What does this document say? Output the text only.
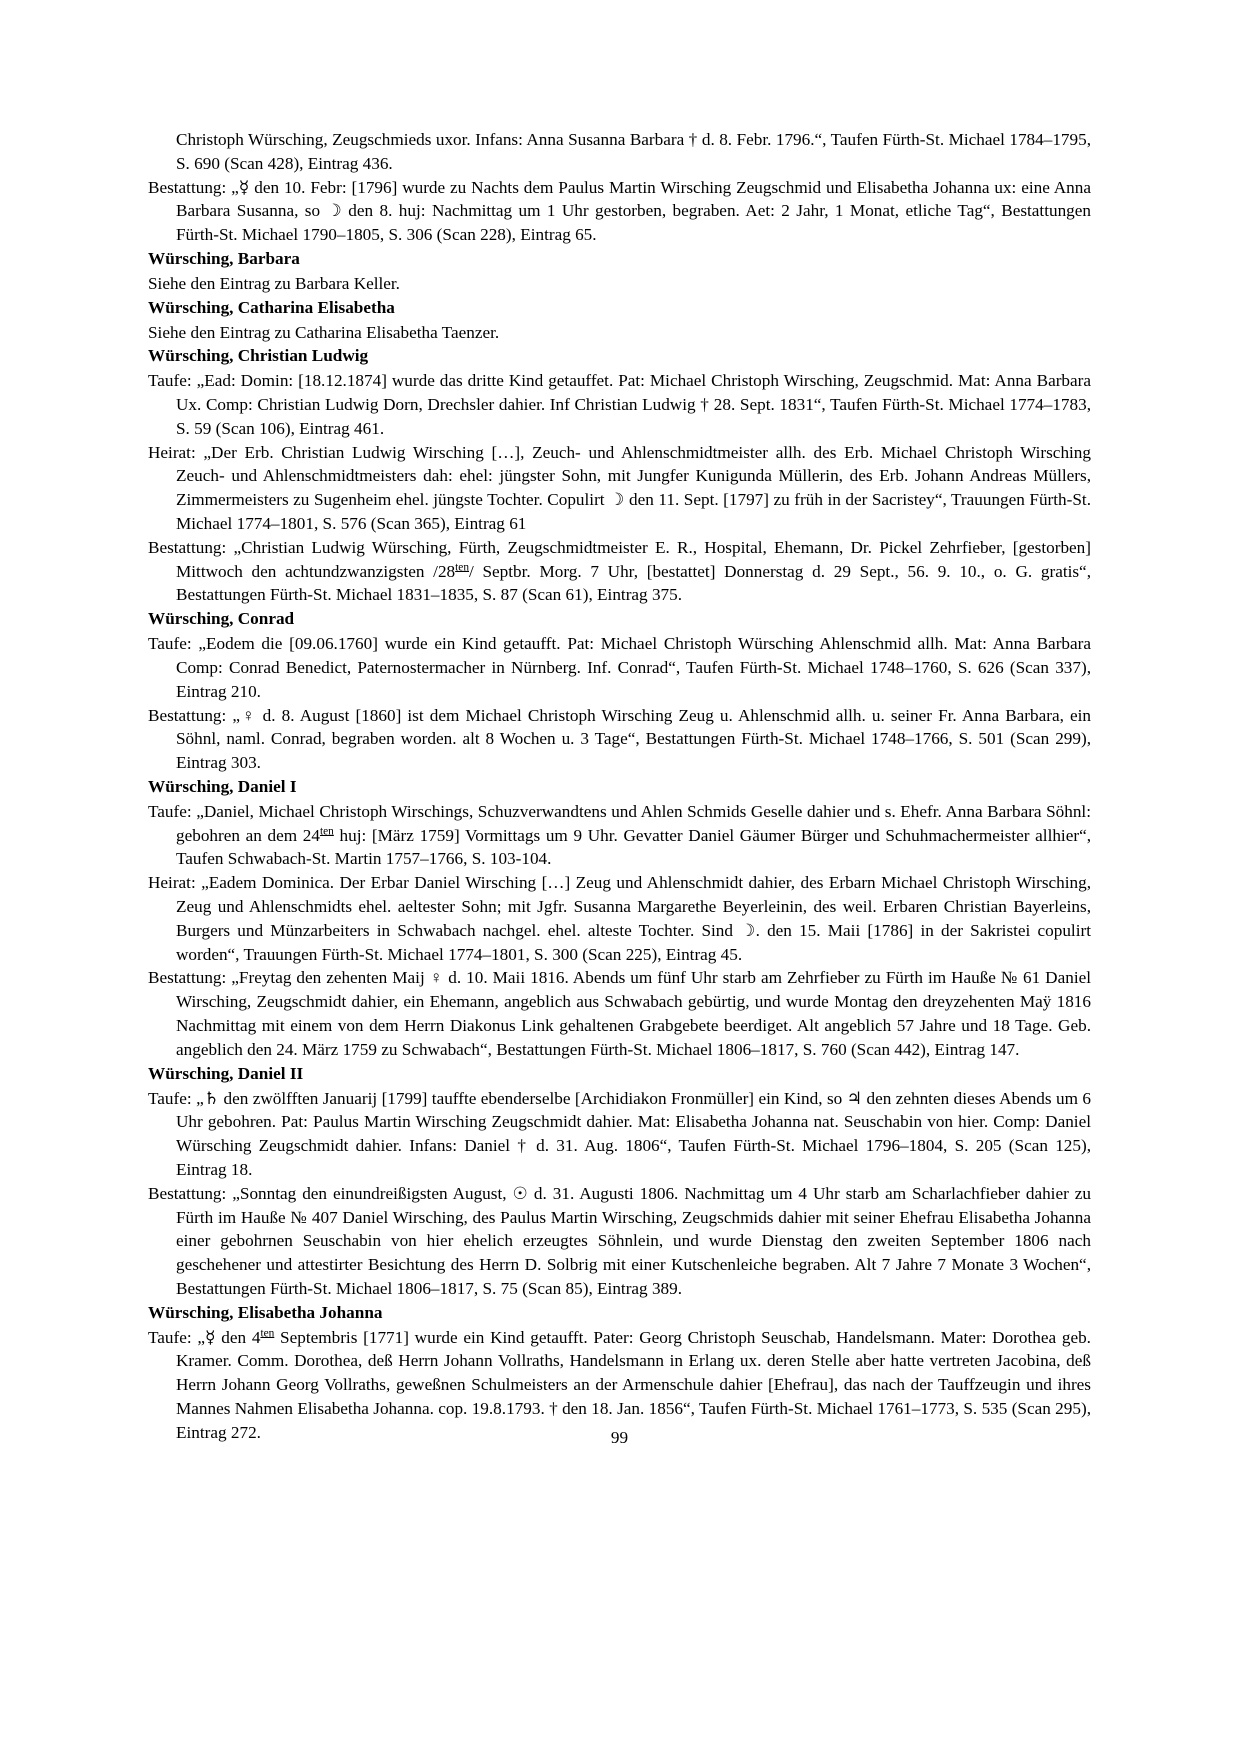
Christoph Würsching, Zeugschmieds uxor. Infans: Anna Susanna Barbara † d. 8. Febr. 1796.“, Taufen Fürth-St. Michael 1784–1795, S. 690 (Scan 428), Eintrag 436.

Bestattung: „☿ den 10. Febr: [1796] wurde zu Nachts dem Paulus Martin Wirsching Zeugschmid und Elisabetha Johanna ux: eine Anna Barbara Susanna, so ☽ den 8. huj: Nachmittag um 1 Uhr gestorben, begraben. Aet: 2 Jahr, 1 Monat, etliche Tag“, Bestattungen Fürth-St. Michael 1790–1805, S. 306 (Scan 228), Eintrag 65.

Würsching, Barbara

Siehe den Eintrag zu Barbara Keller.

Würsching, Catharina Elisabetha

Siehe den Eintrag zu Catharina Elisabetha Taenzer.

Würsching, Christian Ludwig

Taufe: „Ead: Domin: [18.12.1874] wurde das dritte Kind getauffet. Pat: Michael Christoph Wirsching, Zeugschmid. Mat: Anna Barbara Ux. Comp: Christian Ludwig Dorn, Drechsler dahier. Inf Christian Ludwig † 28. Sept. 1831“, Taufen Fürth-St. Michael 1774–1783, S. 59 (Scan 106), Eintrag 461.

Heirat: „Der Erb. Christian Ludwig Wirsching […], Zeuch- und Ahlenschmidtmeister allh. des Erb. Michael Christoph Wirsching Zeuch- und Ahlenschmidtmeisters dah: ehel: jüngster Sohn, mit Jungfer Kunigunda Müllerin, des Erb. Johann Andreas Müllers, Zimmermeisters zu Sugenheim ehel. jüngste Tochter. Copulirt ☽ den 11. Sept. [1797] zu früh in der Sacristey“, Trauungen Fürth-St. Michael 1774–1801, S. 576 (Scan 365), Eintrag 61

Bestattung: „Christian Ludwig Würsching, Fürth, Zeugschmidtmeister E. R., Hospital, Ehemann, Dr. Pickel Zehrfieber, [gestorben] Mittwoch den achtundzwanzigsten $/28^{ten}/$ Septbr. Morg. 7 Uhr, [bestattet] Donnerstag d. 29 Sept., 56. 9. 10., o. G. gratis“, Bestattungen Fürth-St. Michael 1831–1835, S. 87 (Scan 61), Eintrag 375.

Würsching, Conrad

Taufe: „Eodem die [09.06.1760] wurde ein Kind getaufft. Pat: Michael Christoph Würsching Ahlenschmid allh. Mat: Anna Barbara Comp: Conrad Benedict, Paternostermacher in Nürnberg. Inf. Conrad“, Taufen Fürth-St. Michael 1748–1760, S. 626 (Scan 337), Eintrag 210.

Bestattung: „♀ d. 8. August [1860] ist dem Michael Christoph Wirsching Zeug u. Ahlenschmid allh. u. seiner Fr. Anna Barbara, ein Söhnl, naml. Conrad, begraben worden. alt 8 Wochen u. 3 Tage“, Bestattungen Fürth-St. Michael 1748–1766, S. 501 (Scan 299), Eintrag 303.

Würsching, Daniel I

Taufe: „Daniel, Michael Christoph Wirschings, Schuzverwandtens und Ahlen Schmids Geselle dahier und s. Ehefr. Anna Barbara Söhnl: gebohren an dem $24^{ten}$ huj: [März 1759] Vormittags um 9 Uhr. Gevatter Daniel Gäumer Bürger und Schuhmachermeister allhier“, Taufen Schwabach-St. Martin 1757–1766, S. 103-104.

Heirat: „Eadem Dominica. Der Erbar Daniel Wirsching […] Zeug und Ahlenschmidt dahier, des Erbarn Michael Christoph Wirsching, Zeug und Ahlenschmidts ehel. aeltester Sohn; mit Jgfr. Susanna Margarethe Beyerleinin, des weil. Erbaren Christian Bayerleins, Burgers und Münzarbeiters in Schwabach nachgel. ehel. alteste Tochter. Sind ☽. den 15. Maii [1786] in der Sakristei copulirt worden“, Trauungen Fürth-St. Michael 1774–1801, S. 300 (Scan 225), Eintrag 45.

Bestattung: „Freytag den zehenten Maij ♀ d. 10. Maii 1816. Abends um fünf Uhr starb am Zehrfieber zu Fürth im Hauße № 61 Daniel Wirsching, Zeugschmidt dahier, ein Ehemann, angeblich aus Schwabach gebürtig, und wurde Montag den dreyzehenten Maÿ 1816 Nachmittag mit einem von dem Herrn Diakonus Link gehaltenen Grabgebete beerdiget. Alt angeblich 57 Jahre und 18 Tage. Geb. angeblich den 24. März 1759 zu Schwabach“, Bestattungen Fürth-St. Michael 1806–1817, S. 760 (Scan 442), Eintrag 147.

Würsching, Daniel II

Taufe: „♄ den zwölfften Januarij [1799] tauffte ebenderselbe [Archidiakon Fronmüller] ein Kind, so ♃ den zehnten dieses Abends um 6 Uhr gebohren. Pat: Paulus Martin Wirsching Zeugschmidt dahier. Mat: Elisabetha Johanna nat. Seuschabin von hier. Comp: Daniel Würsching Zeugschmidt dahier. Infans: Daniel † d. 31. Aug. 1806“, Taufen Fürth-St. Michael 1796–1804, S. 205 (Scan 125), Eintrag 18.

Bestattung: „Sonntag den einundreißigsten August, ☉ d. 31. Augusti 1806. Nachmittag um 4 Uhr starb am Scharlachfieber dahier zu Fürth im Hauße № 407 Daniel Wirsching, des Paulus Martin Wirsching, Zeugschmids dahier mit seiner Ehefrau Elisabetha Johanna einer gebohrnen Seuschabin von hier ehelich erzeugtes Söhnlein, und wurde Dienstag den zweiten September 1806 nach geschehener und attestirter Besichtung des Herrn D. Solbrig mit einer Kutschenleiche begraben. Alt 7 Jahre 7 Monate 3 Wochen“, Bestattungen Fürth-St. Michael 1806–1817, S. 75 (Scan 85), Eintrag 389.

Würsching, Elisabetha Johanna

Taufe: „☿ den $4^{ten}$ Septembris [1771] wurde ein Kind getaufft. Pater: Georg Christoph Seuschab, Handelsmann. Mater: Dorothea geb. Kramer. Comm. Dorothea, deß Herrn Johann Vollraths, Handelsmann in Erlang ux. deren Stelle aber hatte vertreten Jacobina, deß Herrn Johann Georg Vollraths, geweßnen Schulmeisters an der Armenschule dahier [Ehefrau], das nach der Tauffzeugin und ihres Mannes Nahmen Elisabetha Johanna. cop. 19.8.1793. † den 18. Jan. 1856“, Taufen Fürth-St. Michael 1761–1773, S. 535 (Scan 295), Eintrag 272.	99
